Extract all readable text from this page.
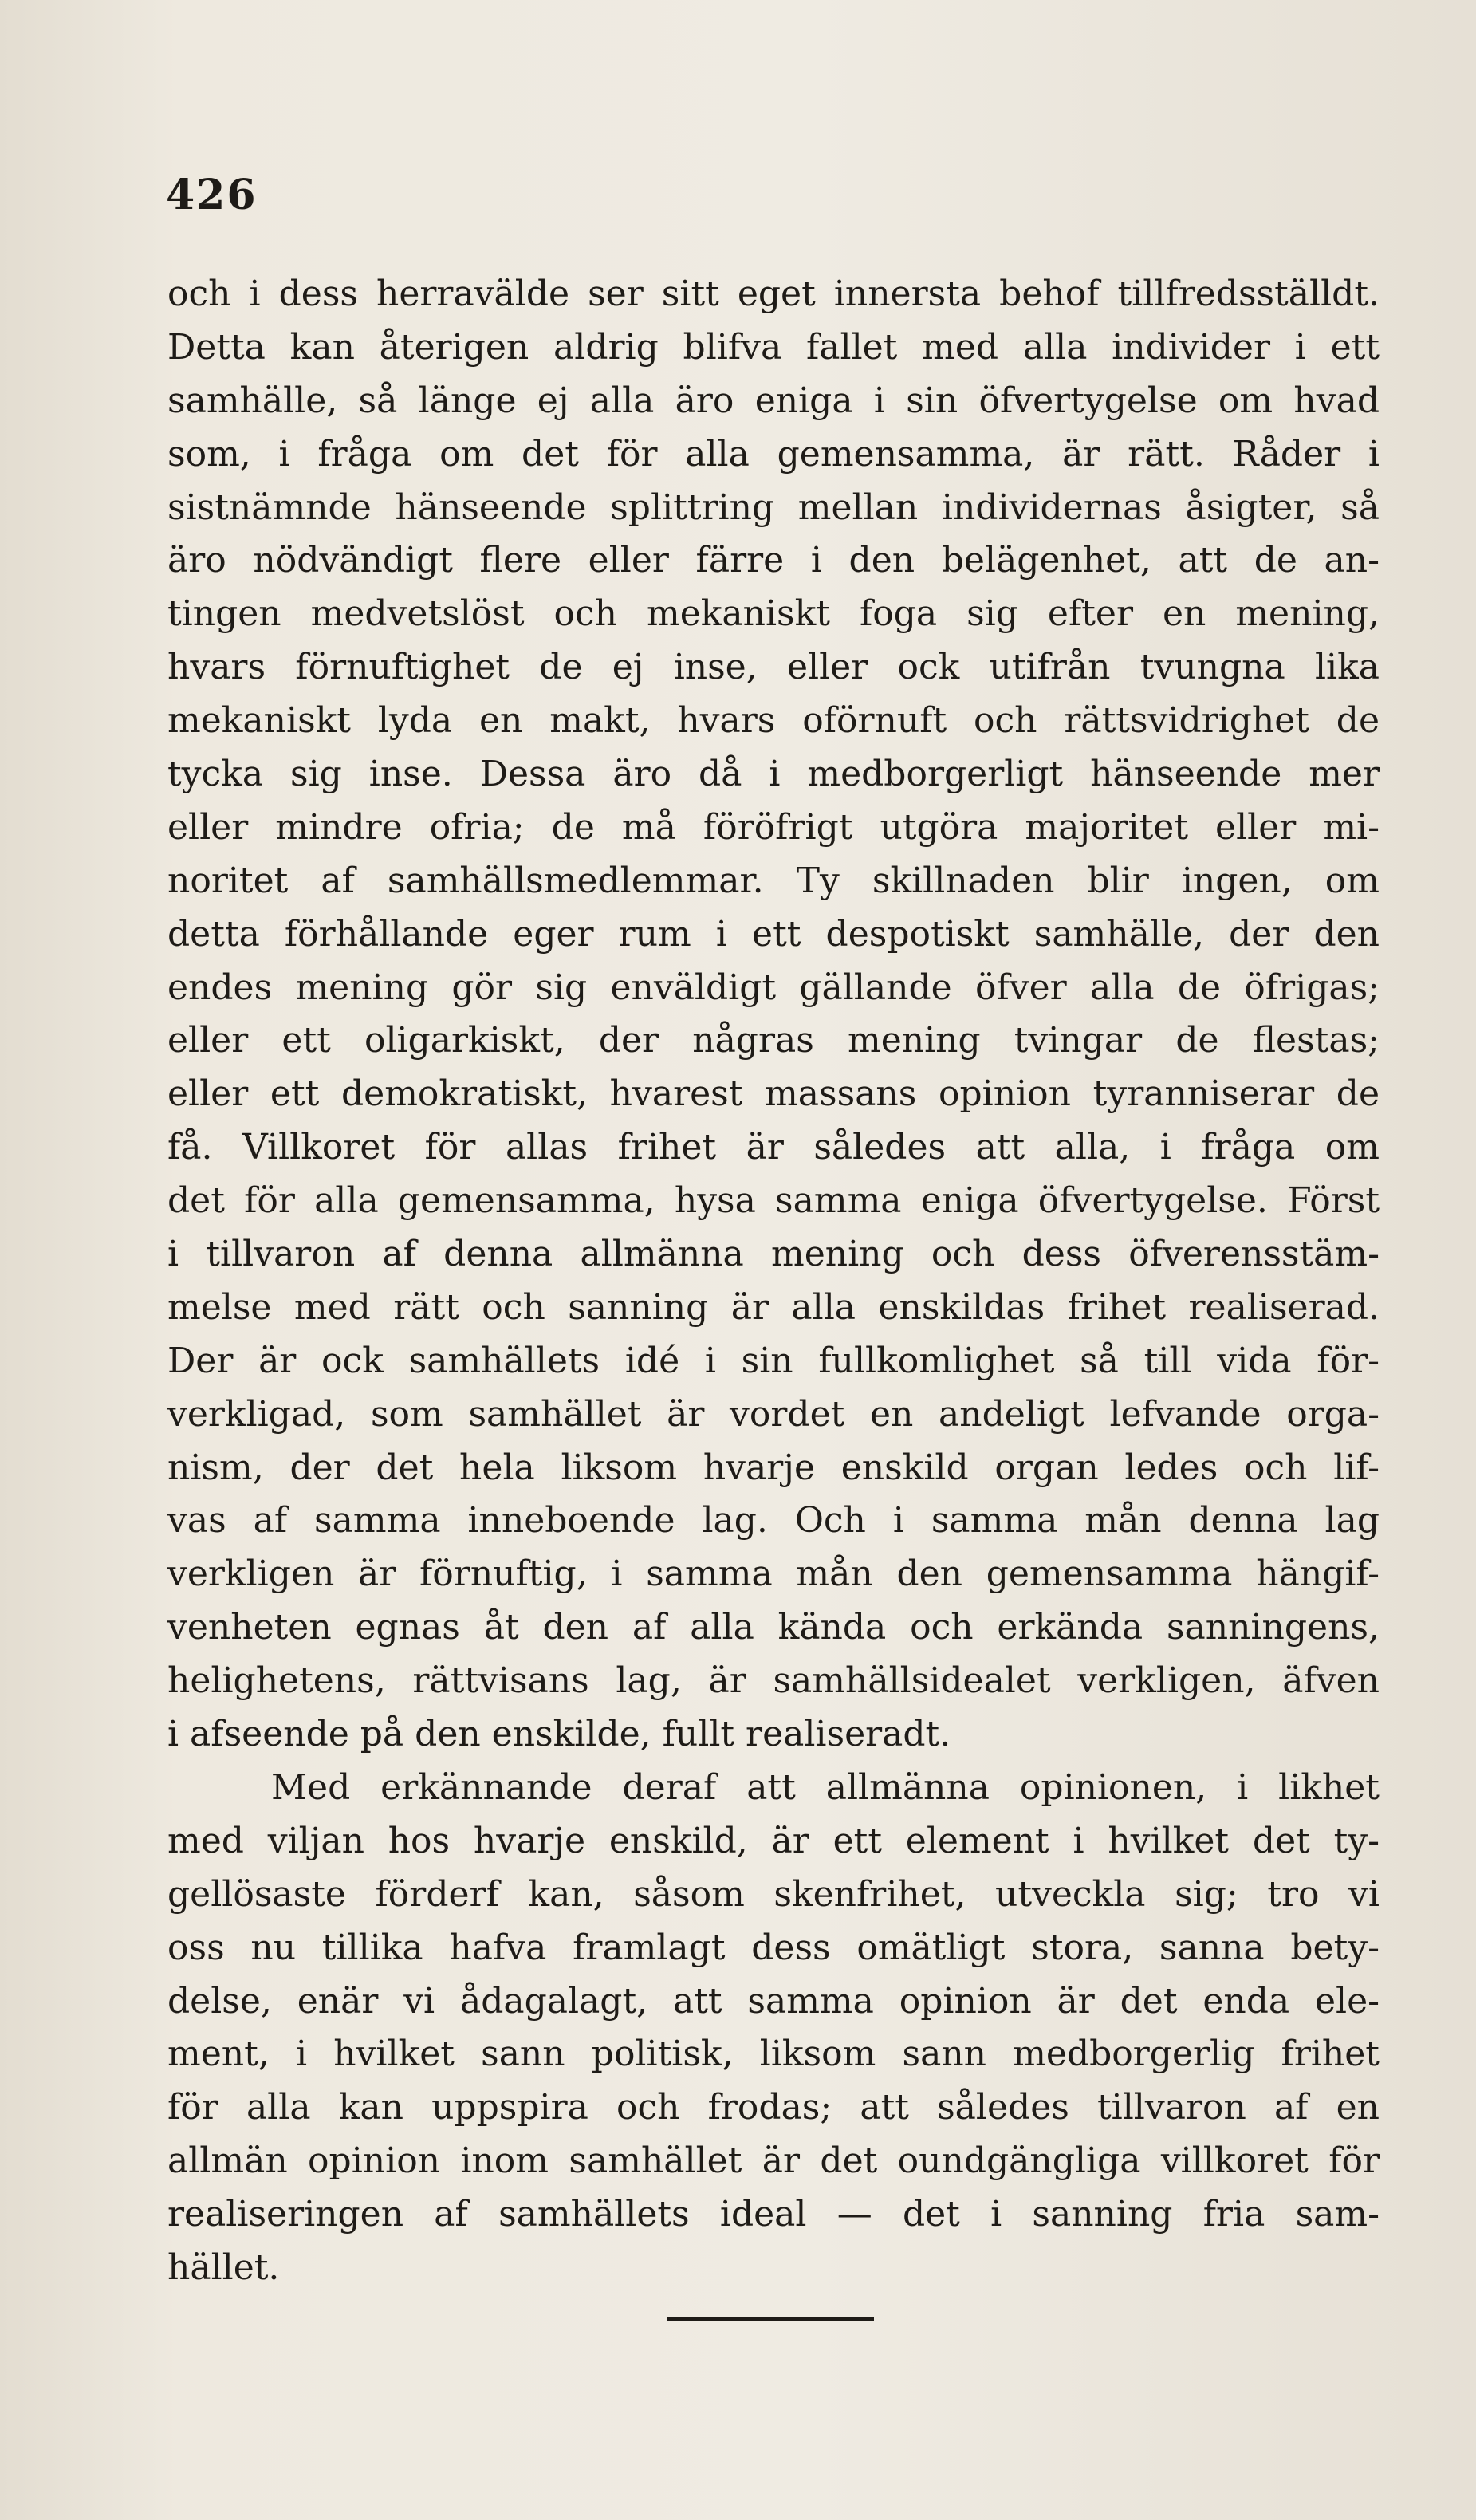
426
och i dess herravälde ser sitt eget innersta behof tillfredsställdt.
Detta kan återigen aldrig blifva fallet med alla individer i ett
samhälle, så länge ej alla äro eniga i sin öfvertygelse om hvad
som, i fråga om det för alla gemensamma, är rätt. Råder i
sistnämnde hänseende splittring mellan individernas åsigter, så
äro nödvändigt flere eller färre i den belägenhet, att de an-
tingen medvetslöst och mekaniskt foga sig efter en mening,
hvars förnuftighet de ej inse, eller ock utifrån tvungna lika
mekaniskt lyda en makt, hvars oförnuft och rättsvidrighet de
tycka sig inse. Dessa äro då i medborgerligt hänseende mer
eller mindre ofria; de må föröfrigt utgöra majoritet eller mi-
noritet af samhällsmedlemmar. Ty skillnaden blir ingen, om
detta förhållande eger rum i ett despotiskt samhälle, der den
endes mening gör sig enväldigt gällande öfver alla de öfrigas;
eller ett oligarkiskt, der någras mening tvingar de flestas;
eller ett demokratiskt, hvarest massans opinion tyranniserar de
få. Villkoret för allas frihet är således att alla, i fråga om
det för alla gemensamma, hysa samma eniga öfvertygelse. Först
i tillvaron af denna allmänna mening och dess öfverensstäm-
melse med rätt och sanning är alla enskildas frihet realiserad.
Der är ock samhällets idé i sin fullkomlighet så till vida för-
verkligad, som samhället är vordet en andeligt lefvande orga-
nism, der det hela liksom hvarje enskild organ ledes och lif-
vas af samma inneboende lag. Och i samma mån denna lag
verkligen är förnuftig, i samma mån den gemensamma hängif-
venheten egnas åt den af alla kända och erkända sanningens,
helighetens, rättvisans lag, är samhällsidealet verkligen, äfven
i afseende på den enskilde, fullt realiseradt.
Med erkännande deraf att allmänna opinionen, i likhet
med viljan hos hvarje enskild, är ett element i hvilket det ty-
gellösaste förderf kan, såsom skenfrihet, utveckla sig; tro vi
oss nu tillika hafva framlagt dess omätligt stora, sanna bety-
delse, enär vi ådagalagt, att samma opinion är det enda ele-
ment, i hvilket sann politisk, liksom sann medborgerlig frihet
för alla kan uppspira och frodas; att således tillvaron af en
allmän opinion inom samhället är det oundgängliga villkoret för
realiseringen af samhällets ideal — det i sanning fria sam-
hället.
